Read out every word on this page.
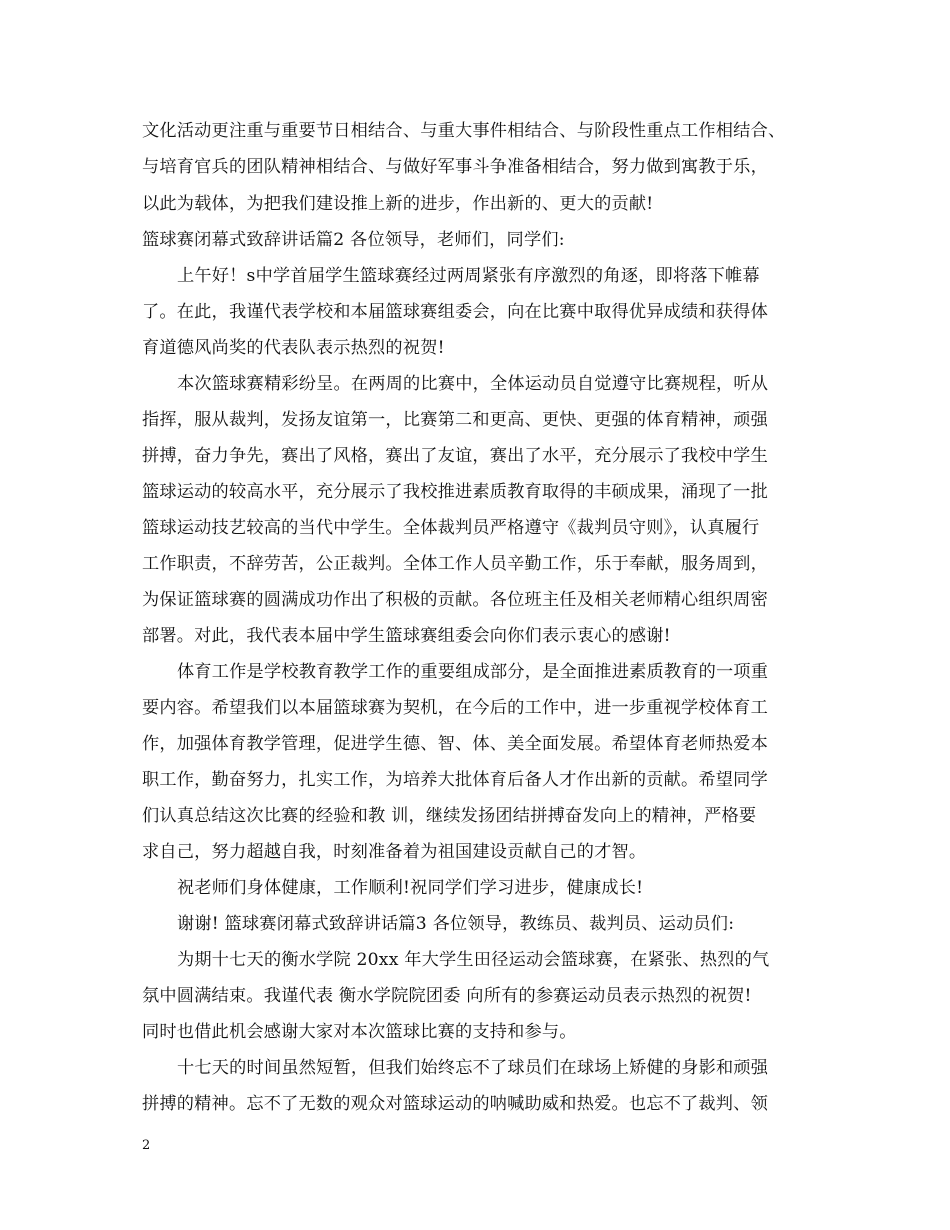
文化活动更注重与重要节日相结合、与重大事件相结合、与阶段性重点工作相结合、
与培育官兵的团队精神相结合、与做好军事斗争准备相结合，努力做到寓教于乐，
以此为载体，为把我们建设推上新的进步，作出新的、更大的贡献!
篮球赛闭幕式致辞讲话篇2 各位领导，老师们，同学们:
上午好！s中学首届学生篮球赛经过两周紧张有序激烈的角逐，即将落下帷幕
了。在此，我谨代表学校和本届篮球赛组委会，向在比赛中取得优异成绩和获得体
育道德风尚奖的代表队表示热烈的祝贺!
本次篮球赛精彩纷呈。在两周的比赛中，全体运动员自觉遵守比赛规程，听从
指挥，服从裁判，发扬友谊第一，比赛第二和更高、更快、更强的体育精神，顽强
拼搏，奋力争先，赛出了风格，赛出了友谊，赛出了水平，充分展示了我校中学生
篮球运动的较高水平，充分展示了我校推进素质教育取得的丰硕成果，涌现了一批
篮球运动技艺较高的当代中学生。全体裁判员严格遵守《裁判员守则》，认真履行
工作职责，不辞劳苦，公正裁判。全体工作人员辛勤工作，乐于奉献，服务周到，
为保证篮球赛的圆满成功作出了积极的贡献。各位班主任及相关老师精心组织周密
部署。对此，我代表本届中学生篮球赛组委会向你们表示衷心的感谢!
体育工作是学校教育教学工作的重要组成部分，是全面推进素质教育的一项重
要内容。希望我们以本届篮球赛为契机，在今后的工作中，进一步重视学校体育工
作，加强体育教学管理，促进学生德、智、体、美全面发展。希望体育老师热爱本
职工作，勤奋努力，扎实工作，为培养大批体育后备人才作出新的贡献。希望同学
们认真总结这次比赛的经验和教 训，继续发扬团结拼搏奋发向上的精神，严格要
求自己，努力超越自我，时刻准备着为祖国建设贡献自己的才智。
祝老师们身体健康，工作顺利!祝同学们学习进步，健康成长!
谢谢! 篮球赛闭幕式致辞讲话篇3 各位领导，教练员、裁判员、运动员们:
为期十七天的衡水学院 20xx 年大学生田径运动会篮球赛，在紧张、热烈的气
氛中圆满结束。我谨代表 衡水学院院团委 向所有的参赛运动员表示热烈的祝贺!
同时也借此机会感谢大家对本次篮球比赛的支持和参与。
十七天的时间虽然短暂，但我们始终忘不了球员们在球场上矫健的身影和顽强
拼搏的精神。忘不了无数的观众对篮球运动的呐喊助威和热爱。也忘不了裁判、领
2
